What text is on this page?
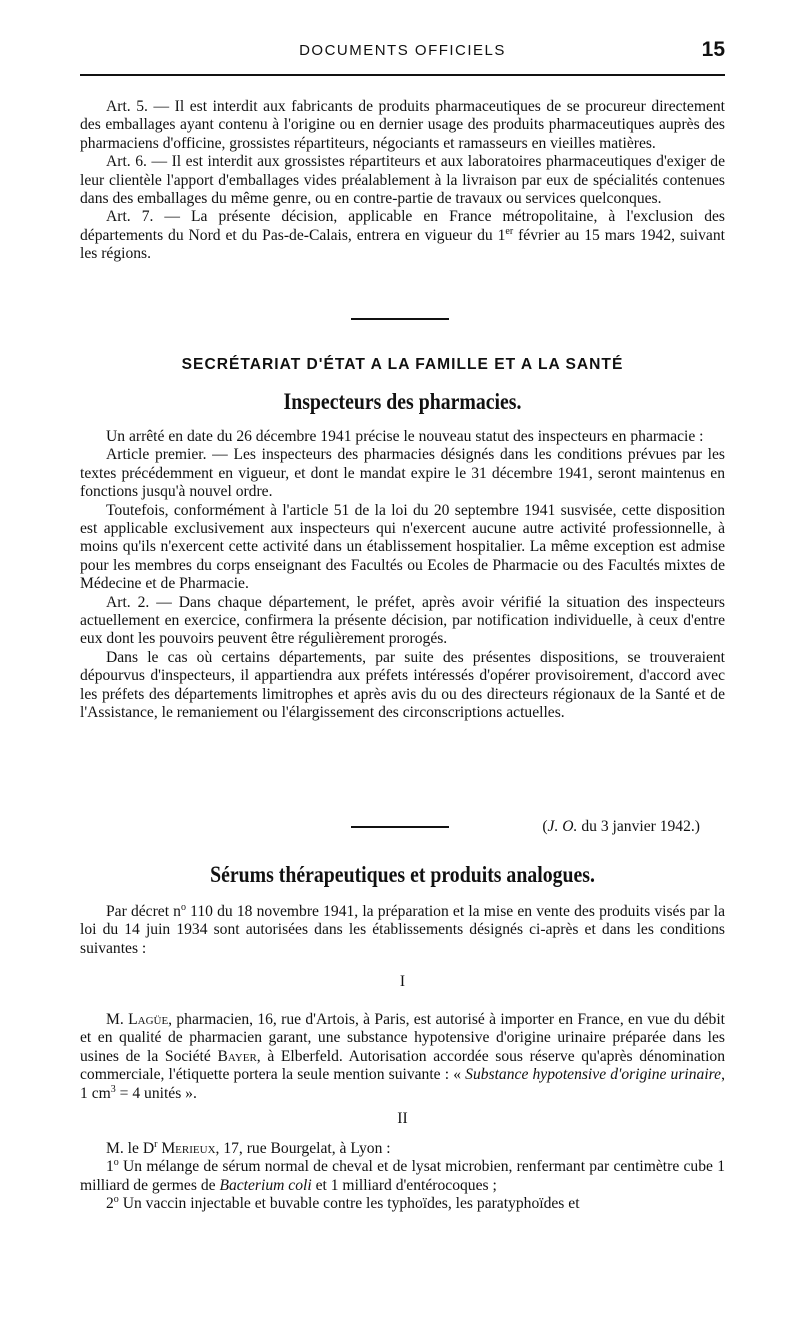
DOCUMENTS OFFICIELS	15

Art. 5. — Il est interdit aux fabricants de produits pharmaceutiques de se procureur directement des emballages ayant contenu à l'origine ou en dernier usage des produits pharmaceutiques auprès des pharmaciens d'officine, grossistes répartiteurs, négociants et ramasseurs en vieilles matières.

Art. 6. — Il est interdit aux grossistes répartiteurs et aux laboratoires pharmaceutiques d'exiger de leur clientèle l'apport d'emballages vides préalablement à la livraison par eux de spécialités contenues dans des emballages du même genre, ou en contre-partie de travaux ou services quelconques.

Art. 7. — La présente décision, applicable en France métropolitaine, à l'exclusion des départements du Nord et du Pas-de-Calais, entrera en vigueur du 1er février au 15 mars 1942, suivant les régions.

SECRÉTARIAT D'ÉTAT A LA FAMILLE ET A LA SANTÉ
Inspecteurs des pharmacies.

Un arrêté en date du 26 décembre 1941 précise le nouveau statut des inspecteurs en pharmacie :

Article premier. — Les inspecteurs des pharmacies désignés dans les conditions prévues par les textes précédemment en vigueur, et dont le mandat expire le 31 décembre 1941, seront maintenus en fonctions jusqu'à nouvel ordre.

Toutefois, conformément à l'article 51 de la loi du 20 septembre 1941 susvisée, cette disposition est applicable exclusivement aux inspecteurs qui n'exercent aucune autre activité professionnelle, à moins qu'ils n'exercent cette activité dans un établissement hospitalier. La même exception est admise pour les membres du corps enseignant des Facultés ou Ecoles de Pharmacie ou des Facultés mixtes de Médecine et de Pharmacie.

Art. 2. — Dans chaque département, le préfet, après avoir vérifié la situation des inspecteurs actuellement en exercice, confirmera la présente décision, par notification individuelle, à ceux d'entre eux dont les pouvoirs peuvent être régulièrement prorogés.

Dans le cas où certains départements, par suite des présentes dispositions, se trouveraient dépourvus d'inspecteurs, il appartiendra aux préfets intéressés d'opérer provisoirement, d'accord avec les préfets des départements limitrophes et après avis du ou des directeurs régionaux de la Santé et de l'Assistance, le remaniement ou l'élargissement des circonscriptions actuelles.

(J. O. du 3 janvier 1942.)
Sérums thérapeutiques et produits analogues.

Par décret $n^o$ 110 du 18 novembre 1941, la préparation et la mise en vente des produits visés par la loi du 14 juin 1934 sont autorisées dans les établissements désignés ci-après et dans les conditions suivantes :

I

M. Lagüe, pharmacien, 16, rue d'Artois, à Paris, est autorisé à importer en France, en vue du débit et en qualité de pharmacien garant, une substance hypotensive d'origine urinaire préparée dans les usines de la Société Bayer, à Elberfeld. Autorisation accordée sous réserve qu'après dénomination commerciale, l'étiquette portera la seule mention suivante : « Substance hypotensive d'origine urinaire, 1 $cm^3 = 4$ unités ».

II

M. le $D^r$ Merieux, 17, rue Bourgelat, à Lyon :

1$^o$ Un mélange de sérum normal de cheval et de lysat microbien, renfermant par centimètre cube 1 milliard de germes de Bacterium coli et 1 milliard d'entérocoques ;

2$^o$ Un vaccin injectable et buvable contre les typhoïdes, les paratyphoïdes et
